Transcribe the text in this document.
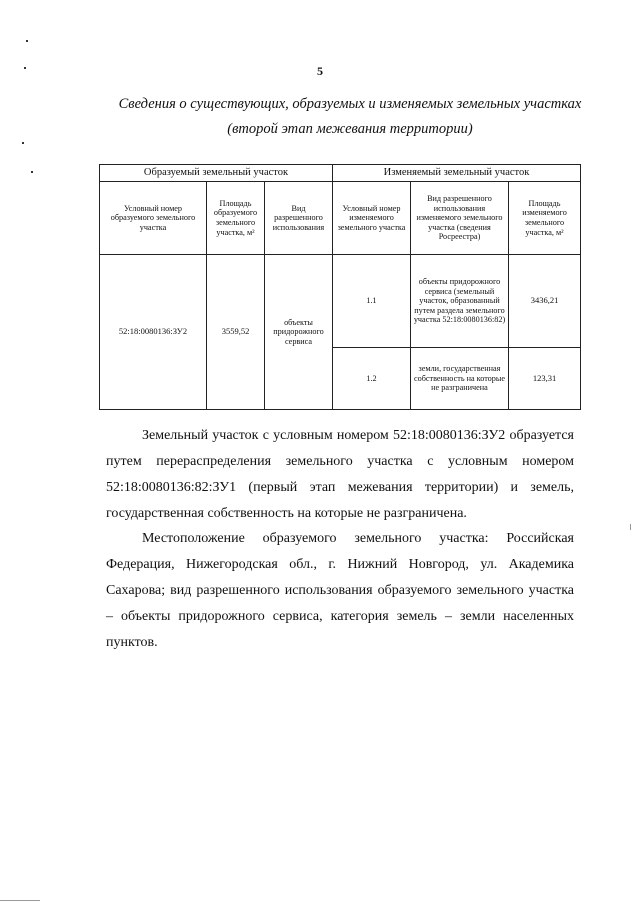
5
Сведения о существующих, образуемых и изменяемых земельных участках
(второй этап межевания территории)
Образуемый земельный участок			Изменяемый земельный участок		
Условный номер образуемого земельного участка	Площадь образуемого земельного участка, м²	Вид разрешенного использования	Условный номер изменяемого земельного участка	Вид разрешенного использования изменяемого земельного участка (сведения Росреестра)	Площадь изменяемого земельного участка, м²
52:18:0080136:ЗУ2	3559,52	объекты придорожного сервиса	1.1	объекты придорожного сервиса (земельный участок, образованный путем раздела земельного участка 52:18:0080136:82)	3436,21
			1.2	земли, государственная собственность на которые не разграничена	123,31

Земельный участок с условным номером 52:18:0080136:ЗУ2 образуется путем перераспределения земельного участка с условным номером 52:18:0080136:82:ЗУ1 (первый этап межевания территории) и земель, государственная собственность на которые не разграничена.

Местоположение образуемого земельного участка: Российская Федерация, Нижегородская обл., г. Нижний Новгород, ул. Академика Сахарова; вид разрешенного использования образуемого земельного участка – объекты придорожного сервиса, категория земель – земли населенных пунктов.
